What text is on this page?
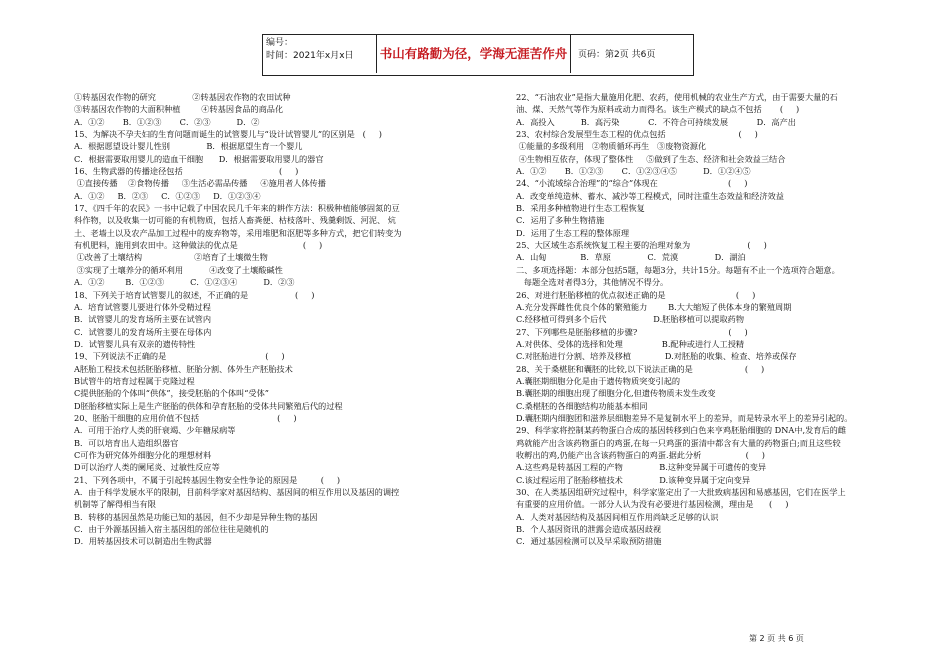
编号：
时间：2021年x月x日 书山有路勤为径，学海无涯苦作舟	页码：第2页 共6页
①转基因农作物的研究              ②转基因农作物的农田试种
③转基因农作物的大面积种植        ④转基因食品的商品化
A．①②       B．①②③       C．②③          D．②
15、为解决不孕夫妇的生育问题而诞生的试管婴儿与“设计试管婴儿”的区别是   (     )
A．根据愿望设计婴儿性别              B．根据愿望生育一个婴儿
C．根据需要取用婴儿的造血干细胞      D．根据需要取用婴儿的器官
16、生物武器的传播途径包括                                     (     )
①直接传播    ②食物传播     ③生活必需品传播     ④施用者人体传播
A．①②     B．②③     C．①②③     D．①②③④
17、《四千年的农民》一书中记载了中国农民几千年来的耕作方法：积极种植能够固氮的豆
科作物，以及收集一切可能的有机物质，包括人畜粪便、枯枝落叶、残羹剩饭、河泥、 炕
土、老墙土以及农产品加工过程中的废弃物等，采用堆肥和沤肥等多种方式，把它们转变为
有机肥料，施用到农田中。这种做法的优点是                         (     )
①改善了土壤结构                    ②培育了土壤微生物
③实现了土壤养分的循环利用          ④改变了土壤酸碱性
A．①②        B．①②③          C．①②③④          D．②③
18、下列关于培育试管婴儿的叙述，不正确的是                  (     )
A．培育试管婴儿要进行体外受精过程
B．试管婴儿的发育场所主要在试管内
C．试管婴儿的发育场所主要在母体内
D．试管婴儿具有双亲的遗传特性
19、下列说法不正确的是                                      (     )
A胚胎工程技术包括胚胎移植、胚胎分割、体外生产胚胎技术
B试管牛的培育过程属于克隆过程
C提供胚胎的个体叫“供体”，接受胚胎的个体叫“受体”
D胚胎移植实际上是生产胚胎的供体和孕育胚胎的受体共同繁殖后代的过程
20、胚胎干细胞的应用价值不包括                              (     )
A．可用于治疗人类的肝衰竭、少年糖尿病等
B．可以培育出人造组织器官
C可作为研究体外细胞分化的理想材料
D可以治疗人类的阑尾炎、过敏性反应等
21、下列各项中，不属于引起转基因生物安全性争论的原因是         (     )
A．由于科学发展水平的限制，目前科学家对基因结构、基因间的相互作用以及基因的调控
机制等了解得相当有限
B．转移的基因虽然是功能已知的基因，但不少却是异种生物的基因
C．由于外源基因插入宿主基因组的部位往往是随机的
D．用转基因技术可以制造出生物武器
22、“石油农业”是指大量施用化肥、农药，使用机械的农业生产方式，由于需要大量的石
油、煤、天然气等作为原料或动力而得名。该生产模式的缺点不包括       (     )
A．高投入          B．高污染           C．不符合可持续发展           D．高产出
23、农村综合发展型生态工程的优点包括                            (     )
①能量的多级利用   ②物质循环再生   ③废物资源化
④生物相互依存，体现了整体性     ⑤做到了生态、经济和社会效益三结合
A．①②       B．①②③       C．①②③④⑤          D．①②④⑤
24、“小流域综合治理”的“综合”体现在                           (     )
A．改变单纯造林、蓄水、减沙等工程模式，同时注重生态效益和经济效益
B．采用多种植物进行生态工程恢复
C．运用了多种生物措施
D．运用了生态工程的整体原理
25、大区域生态系统恢复工程主要的治理对象为                      (     )
A．山甸             B．草原              C．荒漠              D．湖泊
二、多项选择题：本部分包括5题，每题3分，共计15分。每题有不止一个选项符合题意。
每题全选对者得3分，其他情况不得分。
26、对进行胚胎移植的优点叙述正确的是                           (     )
A.充分发挥雌性优良个体的繁殖能力        B.大大缩短了供体本身的繁殖周期
C.经移植可得到多个后代                  D.胚胎移植可以提取药物
27、下列哪些是胚胎移植的步骤?                                   (     )
A.对供体、受体的选择和处理               B.配种或进行人工授精
C.对胚胎进行分割、培养及移植             D.对胚胎的收集、检查、培养或保存
28、关于桑椹胚和囊胚的比较,以下说法正确的是                    (     )
A.囊胚期细胞分化是由于遗传物质突变引起的
B.囊胚期的细胞出现了细胞分化,但遗传物质未发生改变
C.桑椹胚的各细胞结构功能基本相同
D.囊胚期内细胞团和滋养层细胞差异不是复制水平上的差异，而是转录水平上的差异引起的。
29、科学家将控制某药物蛋白合成的基因转移到白色来亨鸡胚胎细胞的 DNA中,发育后的雌
鸡就能产出含该药物蛋白的鸡蛋,在每一只鸡蛋的蛋清中都含有大量的药物蛋白;而且这些较
收孵出的鸡,仍能产出含该药物蛋白的鸡蛋.据此分析                 (     )
A.这些鸡是转基因工程的产物              B.这种变异属于可遗传的变异
C.该过程运用了胚胎移植技术              D.该种变异属于定向变异
30、在人类基因组研究过程中，科学家鉴定出了一大批致病基因和易感基因，它们在医学上
有重要的应用价值。一部分人认为没有必要进行基因检测，理由是      (     )
A．人类对基因结构及基因间相互作用尚缺乏足够的认识
B．个人基因资讯的泄露会造成基因歧视
C．通过基因检测可以及早采取预防措施
第 2 页 共 6 页
